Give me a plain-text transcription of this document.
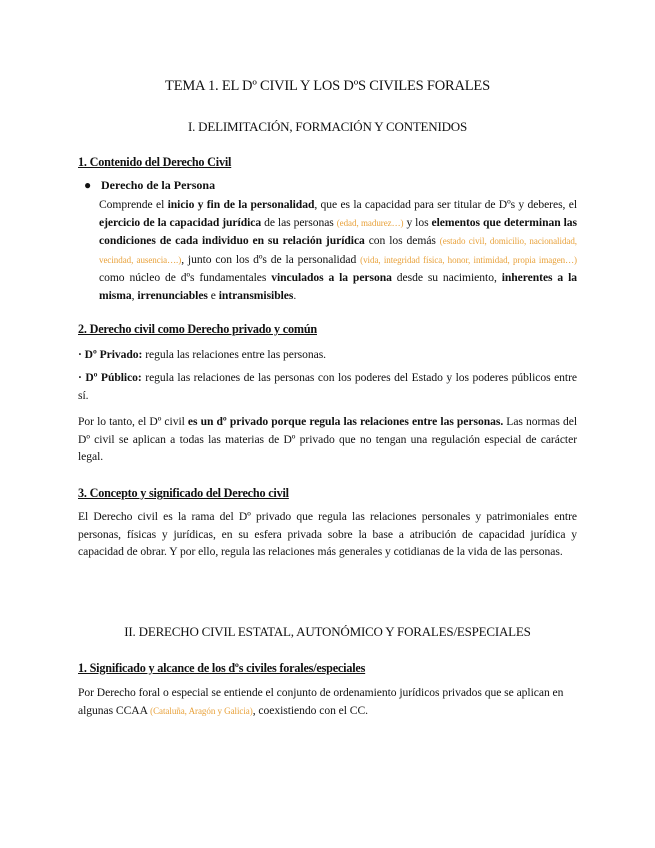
TEMA 1. EL Dº CIVIL Y LOS DºS CIVILES FORALES
I. DELIMITACIÓN, FORMACIÓN Y CONTENIDOS
1. Contenido del Derecho Civil
● Derecho de la Persona
Comprende el inicio y fin de la personalidad, que es la capacidad para ser titular de Dºs y deberes, el ejercicio de la capacidad jurídica de las personas (edad, madurez…) y los elementos que determinan las condiciones de cada individuo en su relación jurídica con los demás (estado civil, domicilio, nacionalidad, vecindad, ausencia….), junto con los dºs de la personalidad (vida, integridad física, honor, intimidad, propia imagen…) como núcleo de dºs fundamentales vinculados a la persona desde su nacimiento, inherentes a la misma, irrenunciables e intransmisibles.
2. Derecho civil como Derecho privado y común
· Dº Privado: regula las relaciones entre las personas.
· Dº Público: regula las relaciones de las personas con los poderes del Estado y los poderes públicos entre sí.
Por lo tanto, el Dº civil es un dº privado porque regula las relaciones entre las personas. Las normas del Dº civil se aplican a todas las materias de Dº privado que no tengan una regulación especial de carácter legal.
3. Concepto y significado del Derecho civil
El Derecho civil es la rama del Dº privado que regula las relaciones personales y patrimoniales entre personas, físicas y jurídicas, en su esfera privada sobre la base a atribución de capacidad jurídica y capacidad de obrar. Y por ello, regula las relaciones más generales y cotidianas de la vida de las personas.
II. DERECHO CIVIL ESTATAL, AUTONÓMICO Y FORALES/ESPECIALES
1. Significado y alcance de los dºs civiles forales/especiales
Por Derecho foral o especial se entiende el conjunto de ordenamiento jurídicos privados que se aplican en algunas CCAA (Cataluña, Aragón y Galicia), coexistiendo con el CC.
